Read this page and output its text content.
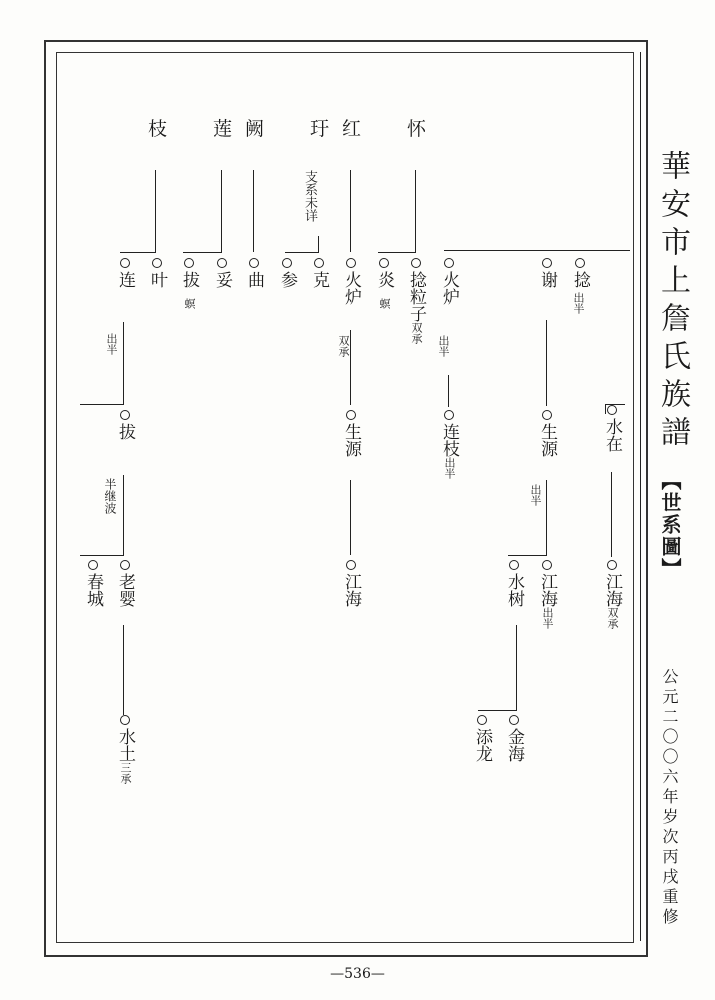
枝 莲 阙 玗 红 怀
支系未详
叶
连	妥
拔
螟
曲	克
参	火炉
双承
炎
螟 捻粒子双承
火炉
出半
谢 捻
出半
出半
拔	生源	连枝出半
生源	水在
半继波	出半
春城 老婴	江海	水树 江海出半
江海双承
水土三承
添龙 金海
華安市上詹氏族譜
【世系圖】
公元二〇〇六年岁次丙戌重修
—536—
